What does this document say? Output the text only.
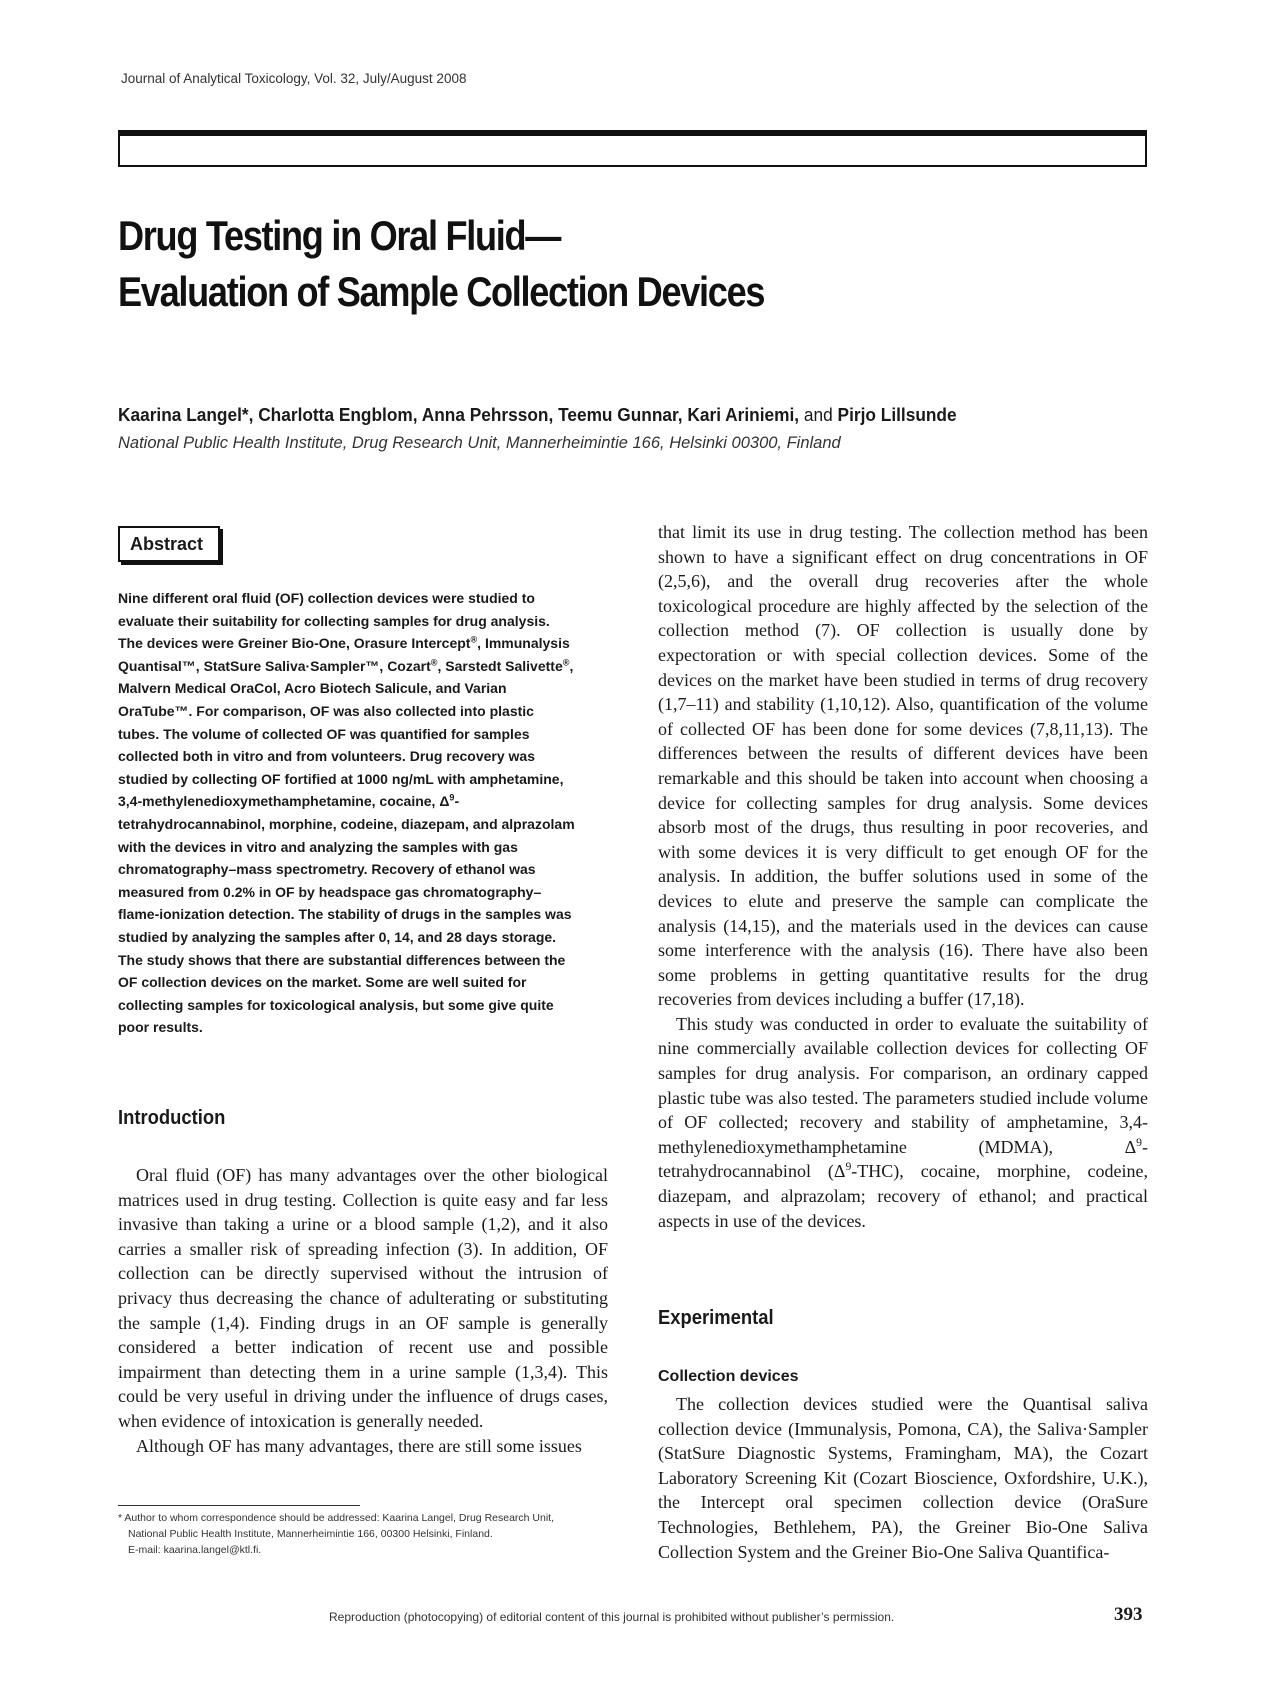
Journal of Analytical Toxicology, Vol. 32, July/August 2008
Drug Testing in Oral Fluid—
Evaluation of Sample Collection Devices
Kaarina Langel*, Charlotta Engblom, Anna Pehrsson, Teemu Gunnar, Kari Ariniemi, and Pirjo Lillsunde
National Public Health Institute, Drug Research Unit, Mannerheimintie 166, Helsinki 00300, Finland
Abstract

Nine different oral fluid (OF) collection devices were studied to evaluate their suitability for collecting samples for drug analysis. The devices were Greiner Bio-One, Orasure Intercept®, Immunalysis Quantisal™, StatSure Saliva·Sampler™, Cozart®, Sarstedt Salivette®, Malvern Medical OraCol, Acro Biotech Salicule, and Varian OraTube™. For comparison, OF was also collected into plastic tubes. The volume of collected OF was quantified for samples collected both in vitro and from volunteers. Drug recovery was studied by collecting OF fortified at 1000 ng/mL with amphetamine, 3,4-methylenedioxymethamphetamine, cocaine, $\Delta^9$-tetrahydrocannabinol, morphine, codeine, diazepam, and alprazolam with the devices in vitro and analyzing the samples with gas chromatography–mass spectrometry. Recovery of ethanol was measured from 0.2% in OF by headspace gas chromatography–flame-ionization detection. The stability of drugs in the samples was studied by analyzing the samples after 0, 14, and 28 days storage. The study shows that there are substantial differences between the OF collection devices on the market. Some are well suited for collecting samples for toxicological analysis, but some give quite poor results.

Introduction

Oral fluid (OF) has many advantages over the other biological matrices used in drug testing. Collection is quite easy and far less invasive than taking a urine or a blood sample (1,2), and it also carries a smaller risk of spreading infection (3). In addition, OF collection can be directly supervised without the intrusion of privacy thus decreasing the chance of adulterating or substituting the sample (1,4). Finding drugs in an OF sample is generally considered a better indication of recent use and possible impairment than detecting them in a urine sample (1,3,4). This could be very useful in driving under the influence of drugs cases, when evidence of intoxication is generally needed.

Although OF has many advantages, there are still some issues

that limit its use in drug testing. The collection method has been shown to have a significant effect on drug concentrations in OF (2,5,6), and the overall drug recoveries after the whole toxicological procedure are highly affected by the selection of the collection method (7). OF collection is usually done by expectoration or with special collection devices. Some of the devices on the market have been studied in terms of drug recovery (1,7–11) and stability (1,10,12). Also, quantification of the volume of collected OF has been done for some devices (7,8,11,13). The differences between the results of different devices have been remarkable and this should be taken into account when choosing a device for collecting samples for drug analysis. Some devices absorb most of the drugs, thus resulting in poor recoveries, and with some devices it is very difficult to get enough OF for the analysis. In addition, the buffer solutions used in some of the devices to elute and preserve the sample can complicate the analysis (14,15), and the materials used in the devices can cause some interference with the analysis (16). There have also been some problems in getting quantitative results for the drug recoveries from devices including a buffer (17,18).

This study was conducted in order to evaluate the suitability of nine commercially available collection devices for collecting OF samples for drug analysis. For comparison, an ordinary capped plastic tube was also tested. The parameters studied include volume of OF collected; recovery and stability of amphetamine, 3,4-methylenedioxymethamphetamine (MDMA), $\Delta^9$-tetrahydrocannabinol $(\Delta^9-THC)$, cocaine, morphine, codeine, diazepam, and alprazolam; recovery of ethanol; and practical aspects in use of the devices.

Experimental
Collection devices

The collection devices studied were the Quantisal saliva collection device (Immunalysis, Pomona, CA), the Saliva·Sampler (StatSure Diagnostic Systems, Framingham, MA), the Cozart Laboratory Screening Kit (Cozart Bioscience, Oxfordshire, U.K.), the Intercept oral specimen collection device (OraSure Technologies, Bethlehem, PA), the Greiner Bio-One Saliva Collection System and the Greiner Bio-One Saliva Quantifica-

* Author to whom correspondence should be addressed: Kaarina Langel, Drug Research Unit,
National Public Health Institute, Mannerheimintie 166, 00300 Helsinki, Finland.
E-mail: kaarina.langel@ktl.fi.
Reproduction (photocopying) of editorial content of this journal is prohibited without publisher’s permission.	393
